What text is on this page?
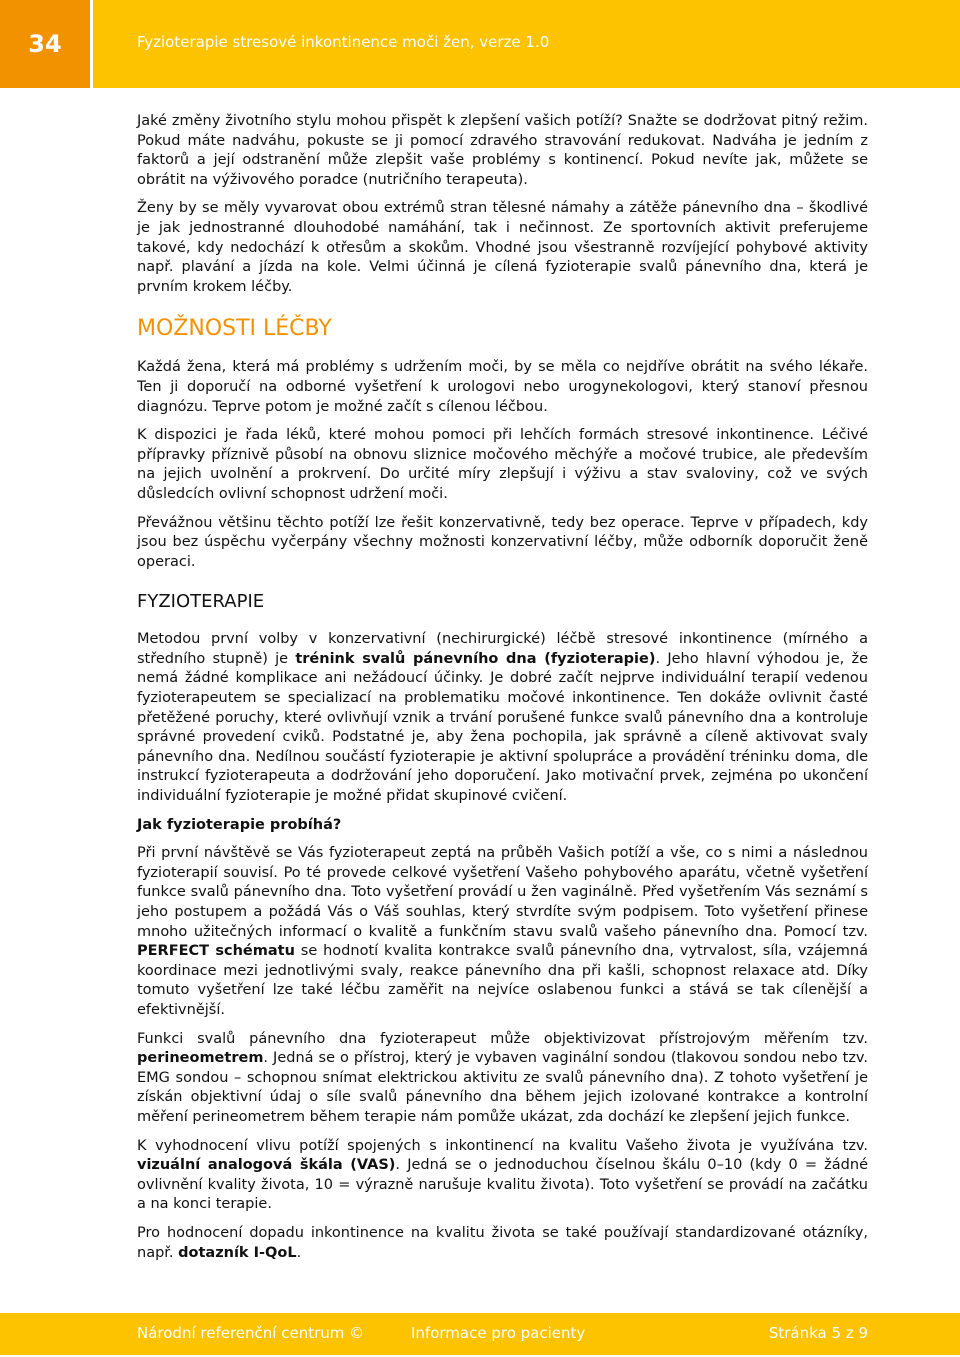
34	Fyzioterapie stresové inkontinence moči žen, verze 1.0

Jaké změny životního stylu mohou přispět k zlepšení vašich potíží? Snažte se dodržovat pitný režim. Pokud máte nadváhu, pokuste se ji pomocí zdravého stravování redukovat. Nadváha je jedním z faktorů a její odstranění může zlepšit vaše problémy s kontinencí. Pokud nevíte jak, můžete se obrátit na výživového poradce (nutričního terapeuta).

Ženy by se měly vyvarovat obou extrémů stran tělesné námahy a zátěže pánevního dna – škodlivé je jak jednostranné dlouhodobé namáhání, tak i nečinnost. Ze sportovních aktivit preferujeme takové, kdy nedochází k otřesům a skokům. Vhodné jsou všestranně rozvíjející pohybové aktivity např. plavání a jízda na kole. Velmi účinná je cílená fyzioterapie svalů pánevního dna, která je prvním krokem léčby.

MOŽNOSTI LÉČBY

Každá žena, která má problémy s udržením moči, by se měla co nejdříve obrátit na svého lékaře. Ten ji doporučí na odborné vyšetření k urologovi nebo urogynekologovi, který stanoví přesnou diagnózu. Teprve potom je možné začít s cílenou léčbou.

K dispozici je řada léků, které mohou pomoci při lehčích formách stresové inkontinence. Léčivé přípravky příznivě působí na obnovu sliznice močového měchýře a močové trubice, ale především na jejich uvolnění a prokrvení. Do určité míry zlepšují i výživu a stav svaloviny, což ve svých důsledcích ovlivní schopnost udržení moči.

Převážnou většinu těchto potíží lze řešit konzervativně, tedy bez operace. Teprve v případech, kdy jsou bez úspěchu vyčerpány všechny možnosti konzervativní léčby, může odborník doporučit ženě operaci.

FYZIOTERAPIE

Metodou první volby v konzervativní (nechirurgické) léčbě stresové inkontinence (mírného a středního stupně) je trénink svalů pánevního dna (fyzioterapie). Jeho hlavní výhodou je, že nemá žádné komplikace ani nežádoucí účinky. Je dobré začít nejprve individuální terapií vedenou fyzioterapeutem se specializací na problematiku močové inkontinence. Ten dokáže ovlivnit časté přetěžené poruchy, které ovlivňují vznik a trvání porušené funkce svalů pánevního dna a kontroluje správné provedení cviků. Podstatné je, aby žena pochopila, jak správně a cíleně aktivovat svaly pánevního dna. Nedílnou součástí fyzioterapie je aktivní spolupráce a provádění tréninku doma, dle instrukcí fyzioterapeuta a dodržování jeho doporučení. Jako motivační prvek, zejména po ukončení individuální fyzioterapie je možné přidat skupinové cvičení.

Jak fyzioterapie probíhá?

Při první návštěvě se Vás fyzioterapeut zeptá na průběh Vašich potíží a vše, co s nimi a následnou fyzioterapií souvisí. Po té provede celkové vyšetření Vašeho pohybového aparátu, včetně vyšetření funkce svalů pánevního dna. Toto vyšetření provádí u žen vaginálně. Před vyšetřením Vás seznámí s jeho postupem a požádá Vás o Váš souhlas, který stvrdíte svým podpisem. Toto vyšetření přinese mnoho užitečných informací o kvalitě a funkčním stavu svalů vašeho pánevního dna. Pomocí tzv. PERFECT schématu se hodnotí kvalita kontrakce svalů pánevního dna, vytrvalost, síla, vzájemná koordinace mezi jednotlivými svaly, reakce pánevního dna při kašli, schopnost relaxace atd. Díky tomuto vyšetření lze také léčbu zaměřit na nejvíce oslabenou funkci a stává se tak cílenější a efektivnější.

Funkci svalů pánevního dna fyzioterapeut může objektivizovat přístrojovým měřením tzv. perineometrem. Jedná se o přístroj, který je vybaven vaginální sondou (tlakovou sondou nebo tzv. EMG sondou – schopnou snímat elektrickou aktivitu ze svalů pánevního dna). Z tohoto vyšetření je získán objektivní údaj o síle svalů pánevního dna během jejich izolované kontrakce a kontrolní měření perineometrem během terapie nám pomůže ukázat, zda dochází ke zlepšení jejich funkce.

K vyhodnocení vlivu potíží spojených s inkontinencí na kvalitu Vašeho života je využívána tzv. vizuální analogová škála (VAS). Jedná se o jednoduchou číselnou škálu 0–10 (kdy 0 = žádné ovlivnění kvality života, 10 = výrazně narušuje kvalitu života). Toto vyšetření se provádí na začátku a na konci terapie.

Pro hodnocení dopadu inkontinence na kvalitu života se také používají standardizované otázníky, např. dotazník I-QoL.

Národní referenční centrum ©	Informace pro pacienty	Stránka 5 z 9
